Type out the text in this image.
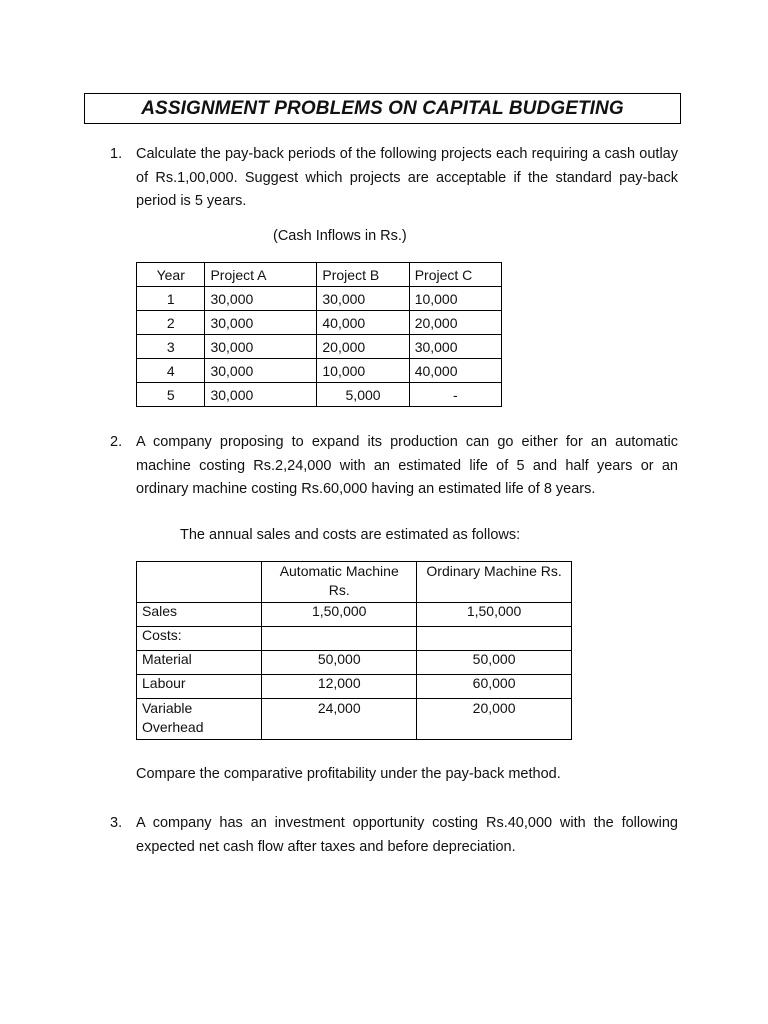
ASSIGNMENT PROBLEMS ON CAPITAL BUDGETING
1. Calculate the pay-back periods of the following projects each requiring a cash outlay of Rs.1,00,000. Suggest which projects are acceptable if the standard pay-back period is 5 years.
(Cash Inflows in Rs.)
Year	Project A	Project B	Project C
1	30,000	30,000	10,000
2	30,000	40,000	20,000
3	30,000	20,000	30,000
4	30,000	10,000	40,000
5	30,000	5,000	-
2. A company proposing to expand its production can go either for an automatic machine costing Rs.2,24,000 with an estimated life of 5 and half years or an ordinary machine costing Rs.60,000 having an estimated life of 8 years.
The annual sales and costs are estimated as follows:
	Automatic Machine Rs.	Ordinary Machine Rs.
Sales	1,50,000	1,50,000
Costs:		
Material	50,000	50,000
Labour	12,000	60,000
Variable Overhead	24,000	20,000
Compare the comparative profitability under the pay-back method.
3. A company has an investment opportunity costing Rs.40,000 with the following expected net cash flow after taxes and before depreciation.
